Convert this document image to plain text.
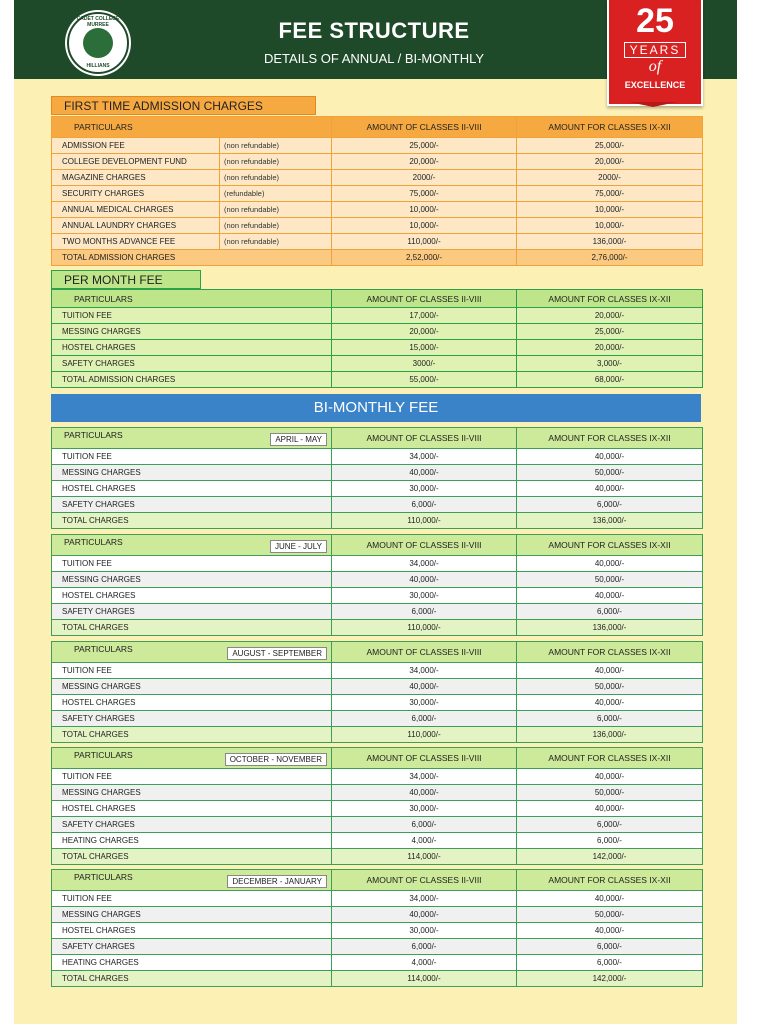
CADET COLLEGE MURREE
HILLIANS
FEE STRUCTURE
DETAILS OF ANNUAL / BI-MONTHLY
25
YEARS
of
EXCELLENCE
FIRST TIME ADMISSION CHARGES
PARTICULARS		AMOUNT OF CLASSES II-VIII	AMOUNT FOR CLASSES IX-XII
ADMISSION FEE	(non refundable)	25,000/-	25,000/-
COLLEGE DEVELOPMENT FUND	(non refundable)	20,000/-	20,000/-
MAGAZINE CHARGES	(non refundable)	2000/-	2000/-
SECURITY CHARGES	(refundable)	75,000/-	75,000/-
ANNUAL MEDICAL CHARGES	(non refundable)	10,000/-	10,000/-
ANNUAL LAUNDRY CHARGES	(non refundable)	10,000/-	10,000/-
TWO MONTHS ADVANCE FEE	(non refundable)	110,000/-	136,000/-
TOTAL ADMISSION CHARGES		2,52,000/-	2,76,000/-
PER MONTH FEE
PARTICULARS	AMOUNT OF CLASSES II-VIII	AMOUNT FOR CLASSES IX-XII
TUITION FEE	17,000/-	20,000/-
MESSING CHARGES	20,000/-	25,000/-
HOSTEL CHARGES	15,000/-	20,000/-
SAFETY CHARGES	3000/-	3,000/-
TOTAL ADMISSION CHARGES	55,000/-	68,000/-
BI-MONTHLY FEE
PARTICULARS APRIL - MAY	AMOUNT OF CLASSES II-VIII	AMOUNT FOR CLASSES IX-XII
TUITION FEE	34,000/-	40,000/-
MESSING CHARGES	40,000/-	50,000/-
HOSTEL CHARGES	30,000/-	40,000/-
SAFETY CHARGES	6,000/-	6,000/-
TOTAL CHARGES	110,000/-	136,000/-
PARTICULARS JUNE - JULY	AMOUNT OF CLASSES II-VIII	AMOUNT FOR CLASSES IX-XII
TUITION FEE	34,000/-	40,000/-
MESSING CHARGES	40,000/-	50,000/-
HOSTEL CHARGES	30,000/-	40,000/-
SAFETY CHARGES	6,000/-	6,000/-
TOTAL CHARGES	110,000/-	136,000/-
PARTICULARS AUGUST - SEPTEMBER	AMOUNT OF CLASSES II-VIII	AMOUNT FOR CLASSES IX-XII
TUITION FEE	34,000/-	40,000/-
MESSING CHARGES	40,000/-	50,000/-
HOSTEL CHARGES	30,000/-	40,000/-
SAFETY CHARGES	6,000/-	6,000/-
TOTAL CHARGES	110,000/-	136,000/-
PARTICULARS OCTOBER - NOVEMBER	AMOUNT OF CLASSES II-VIII	AMOUNT FOR CLASSES IX-XII
TUITION FEE	34,000/-	40,000/-
MESSING CHARGES	40,000/-	50,000/-
HOSTEL CHARGES	30,000/-	40,000/-
SAFETY CHARGES	6,000/-	6,000/-
HEATING CHARGES	4,000/-	6,000/-
TOTAL CHARGES	114,000/-	142,000/-
PARTICULARS DECEMBER - JANUARY	AMOUNT OF CLASSES II-VIII	AMOUNT FOR CLASSES IX-XII
TUITION FEE	34,000/-	40,000/-
MESSING CHARGES	40,000/-	50,000/-
HOSTEL CHARGES	30,000/-	40,000/-
SAFETY CHARGES	6,000/-	6,000/-
HEATING CHARGES	4,000/-	6,000/-
TOTAL CHARGES	114,000/-	142,000/-
